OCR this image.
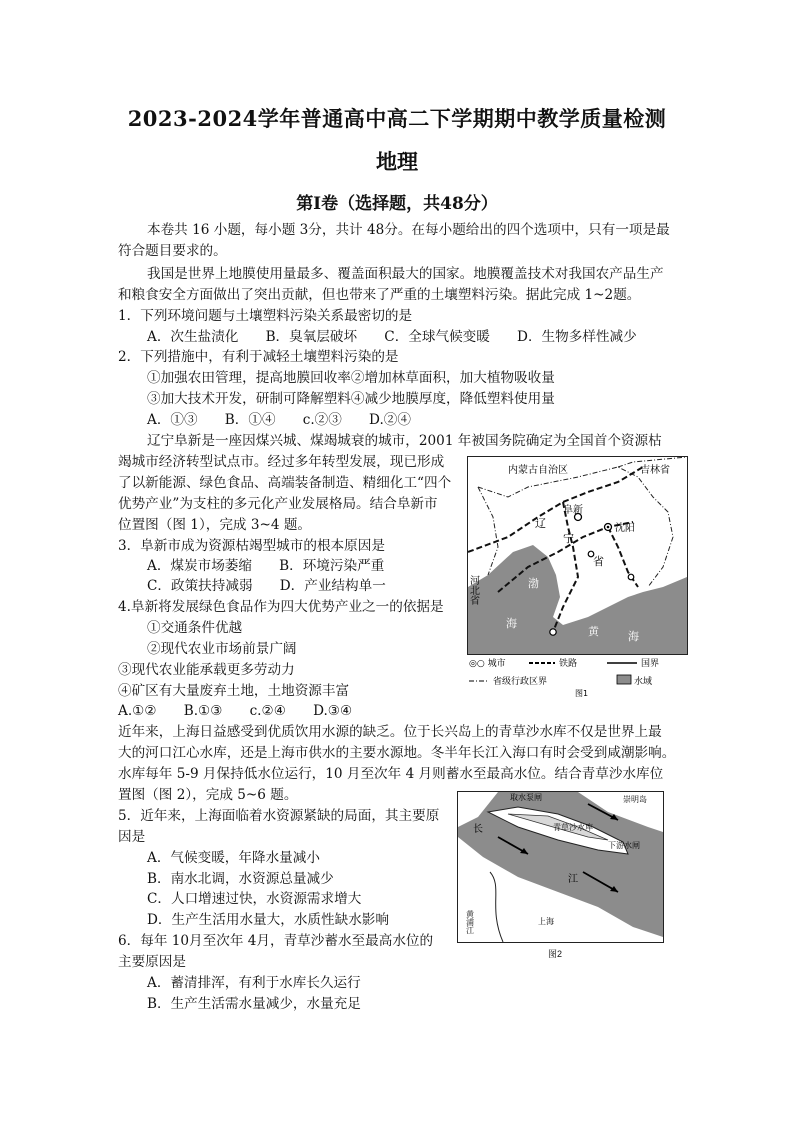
2023-2024学年普通高中高二下学期期中教学质量检测
地理
第I卷（选择题，共48分）
本卷共 16 小题，每小题 3分，共计 48分。在每小题给出的四个选项中，只有一项是最
符合题目要求的。
我国是世界上地膜使用量最多、覆盖面积最大的国家。地膜覆盖技术对我国农产品生产
和粮食安全方面做出了突出贡献，但也带来了严重的土壤塑料污染。据此完成 1~2题。
1．下列环境问题与土壤塑料污染关系最密切的是
A．次生盐渍化　　B．臭氧层破坏　　C．全球气候变暖　　D．生物多样性减少
2．下列措施中，有利于减轻土壤塑料污染的是
①加强农田管理，提高地膜回收率②增加林草面积，加大植物吸收量
③加大技术开发，研制可降解塑料④减少地膜厚度，降低塑料使用量
A．①③　　B．①④　　c.②③　　D.②④
辽宁阜新是一座因煤兴城、煤竭城衰的城市，2001 年被国务院确定为全国首个资源枯
竭城市经济转型试点市。经过多年转型发展，现已形成
了以新能源、绿色食品、高端装备制造、精细化工“四个
优势产业”为支柱的多元化产业发展格局。结合阜新市
位置图（图 1），完成 3~4 题。
3．阜新市成为资源枯竭型城市的根本原因是
A．煤炭市场萎缩　　B．环境污染严重
C．政策扶持减弱　　D．产业结构单一
4.阜新将发展绿色食品作为四大优势产业之一的依据是
①交通条件优越
②现代农业市场前景广阔
③现代农业能承载更多劳动力
④矿区有大量废弃土地，土地资源丰富
A.①②　　B.①③　　c.②④　　D.③④
近年来，上海日益感受到优质饮用水源的缺乏。位于长兴岛上的青草沙水库不仅是世界上最
大的河口江心水库，还是上海市供水的主要水源地。冬半年长江入海口有时会受到咸潮影响。
水库每年 5-9 月保持低水位运行，10 月至次年 4 月则蓄水至最高水位。结合青草沙水库位
置图（图 2），完成 5~6 题。
5．近年来，上海面临着水资源紧缺的局面，其主要原
因是
A．气候变暖，年降水量减小
B．南水北调，水资源总量减少
C．人口增速过快，水资源需求增大
D．生产生活用水量大，水质性缺水影响
6．每年 10月至次年 4月，青草沙蓄水至最高水位的
主要原因是
A．蓄清排浑，有利于水库长久运行
B．生产生活需水量减少，水量充足
内蒙古自治区	吉林省
阜新
沈阳
辽
宁
省
河北省	渤
海
黄	海
◎○ 城市	铁路	国界
省级行政区界	水域
图1
取水泵闸
青草沙水库
崇明岛
下游水闸
长
江
黄浦江	上海
图2
